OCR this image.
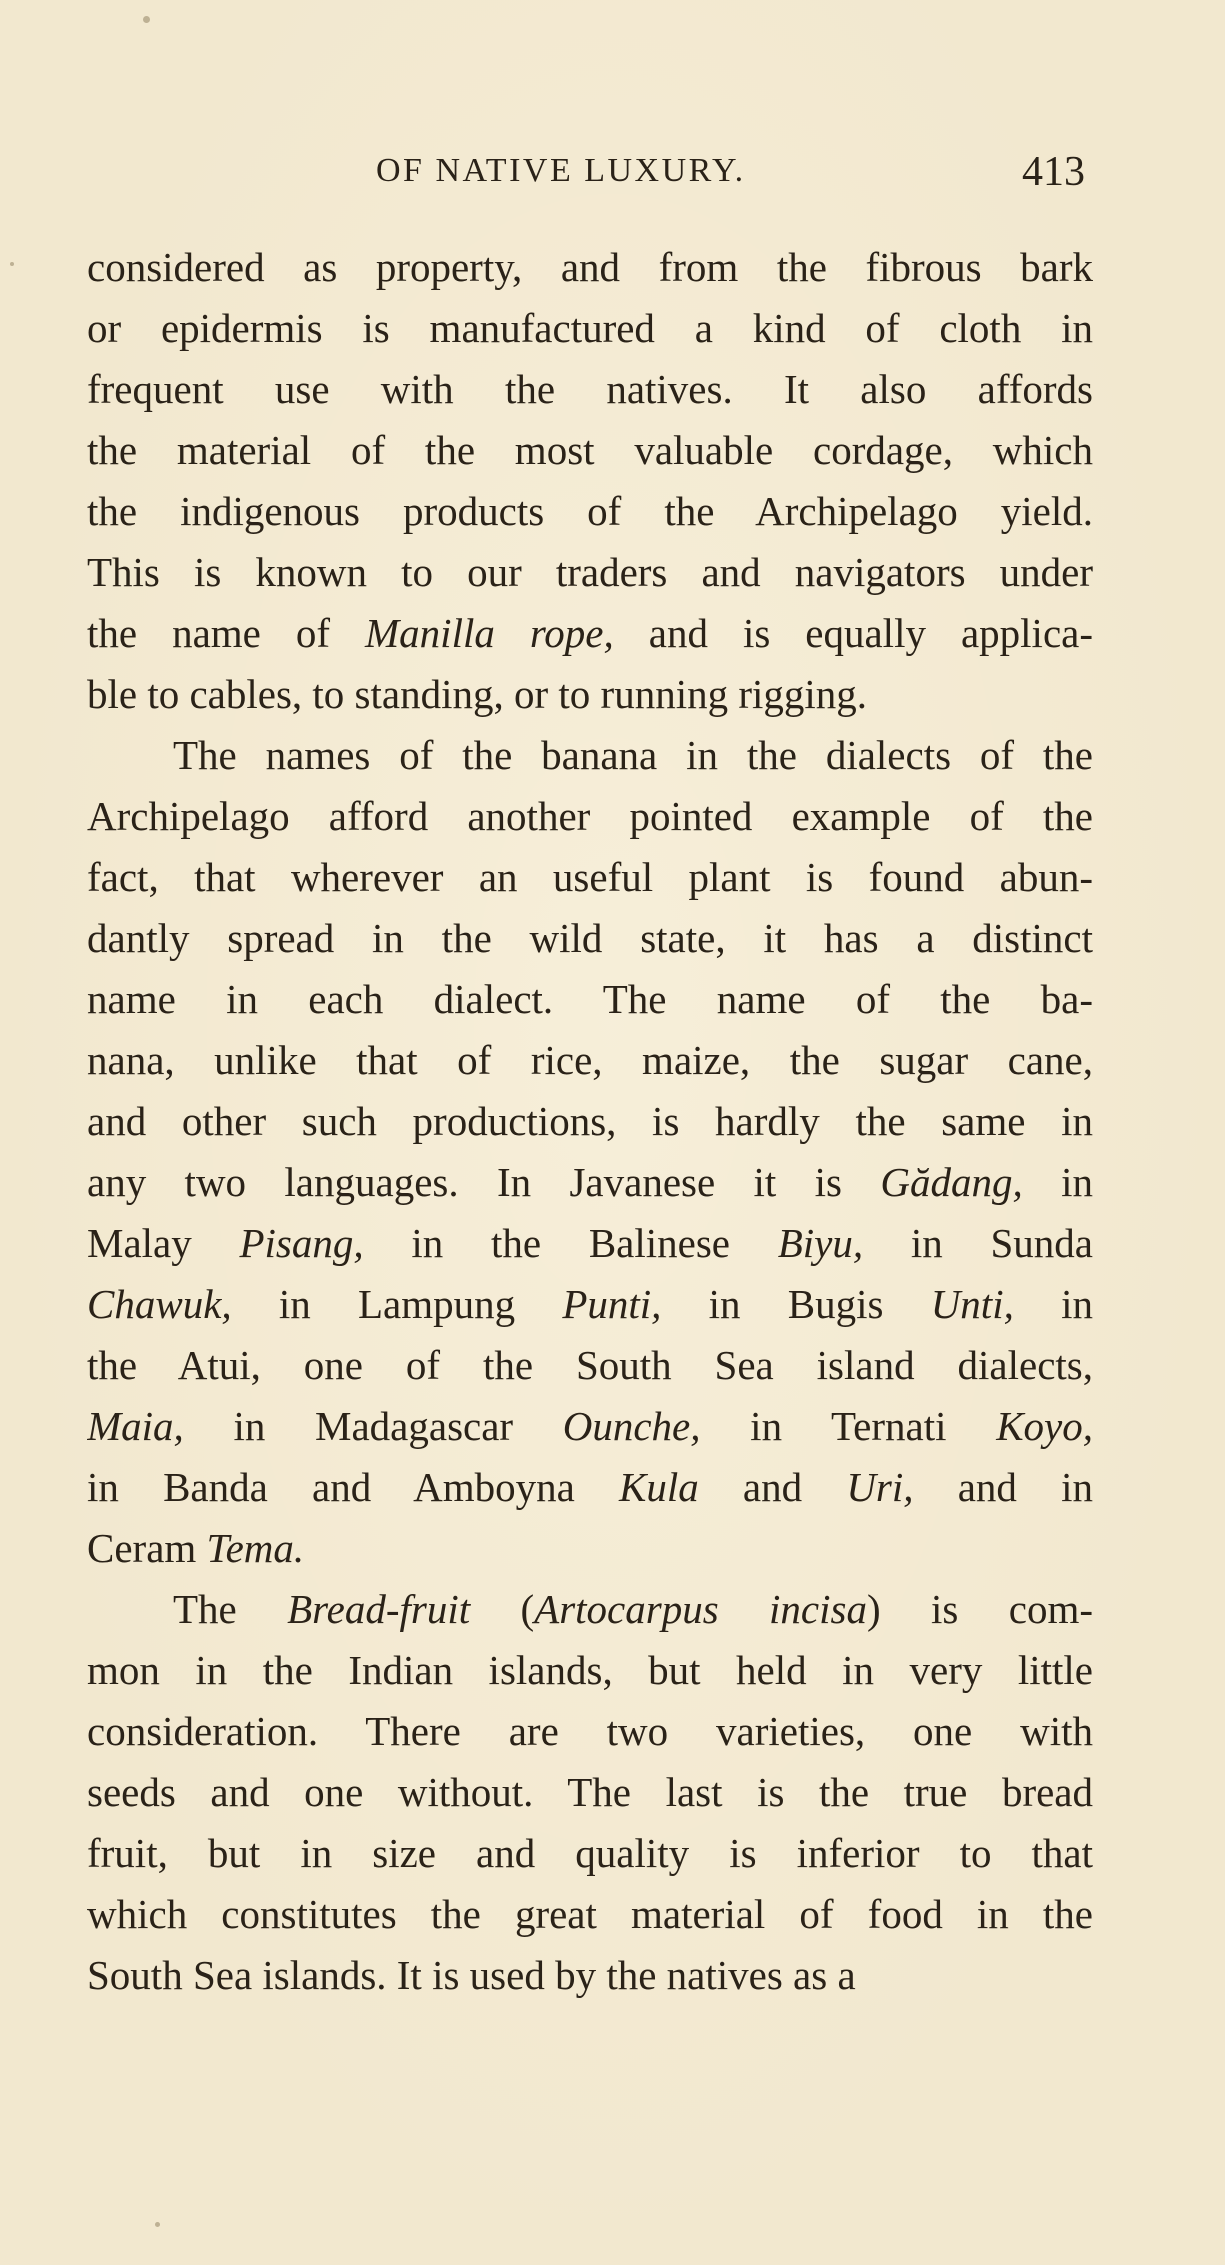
OF NATIVE LUXURY.	413
considered as property, and from the fibrous bark
or epidermis is manufactured a kind of cloth in
frequent use with the natives. It also affords
the material of the most valuable cordage, which
the indigenous products of the Archipelago yield.
This is known to our traders and navigators under
the name of Manilla rope, and is equally applica-
ble to cables, to standing, or to running rigging.
The names of the banana in the dialects of the
Archipelago afford another pointed example of the
fact, that wherever an useful plant is found abun-
dantly spread in the wild state, it has a distinct
name in each dialect. The name of the ba-
nana, unlike that of rice, maize, the sugar cane,
and other such productions, is hardly the same in
any two languages. In Javanese it is Gădang, in
Malay Pisang, in the Balinese Biyu, in Sunda
Chawuk, in Lampung Punti, in Bugis Unti, in
the Atui, one of the South Sea island dialects,
Maia, in Madagascar Ounche, in Ternati Koyo,
in Banda and Amboyna Kula and Uri, and in
Ceram Tema.
The Bread-fruit (Artocarpus incisa) is com-
mon in the Indian islands, but held in very little
consideration. There are two varieties, one with
seeds and one without. The last is the true bread
fruit, but in size and quality is inferior to that
which constitutes the great material of food in the
South Sea islands. It is used by the natives as a
